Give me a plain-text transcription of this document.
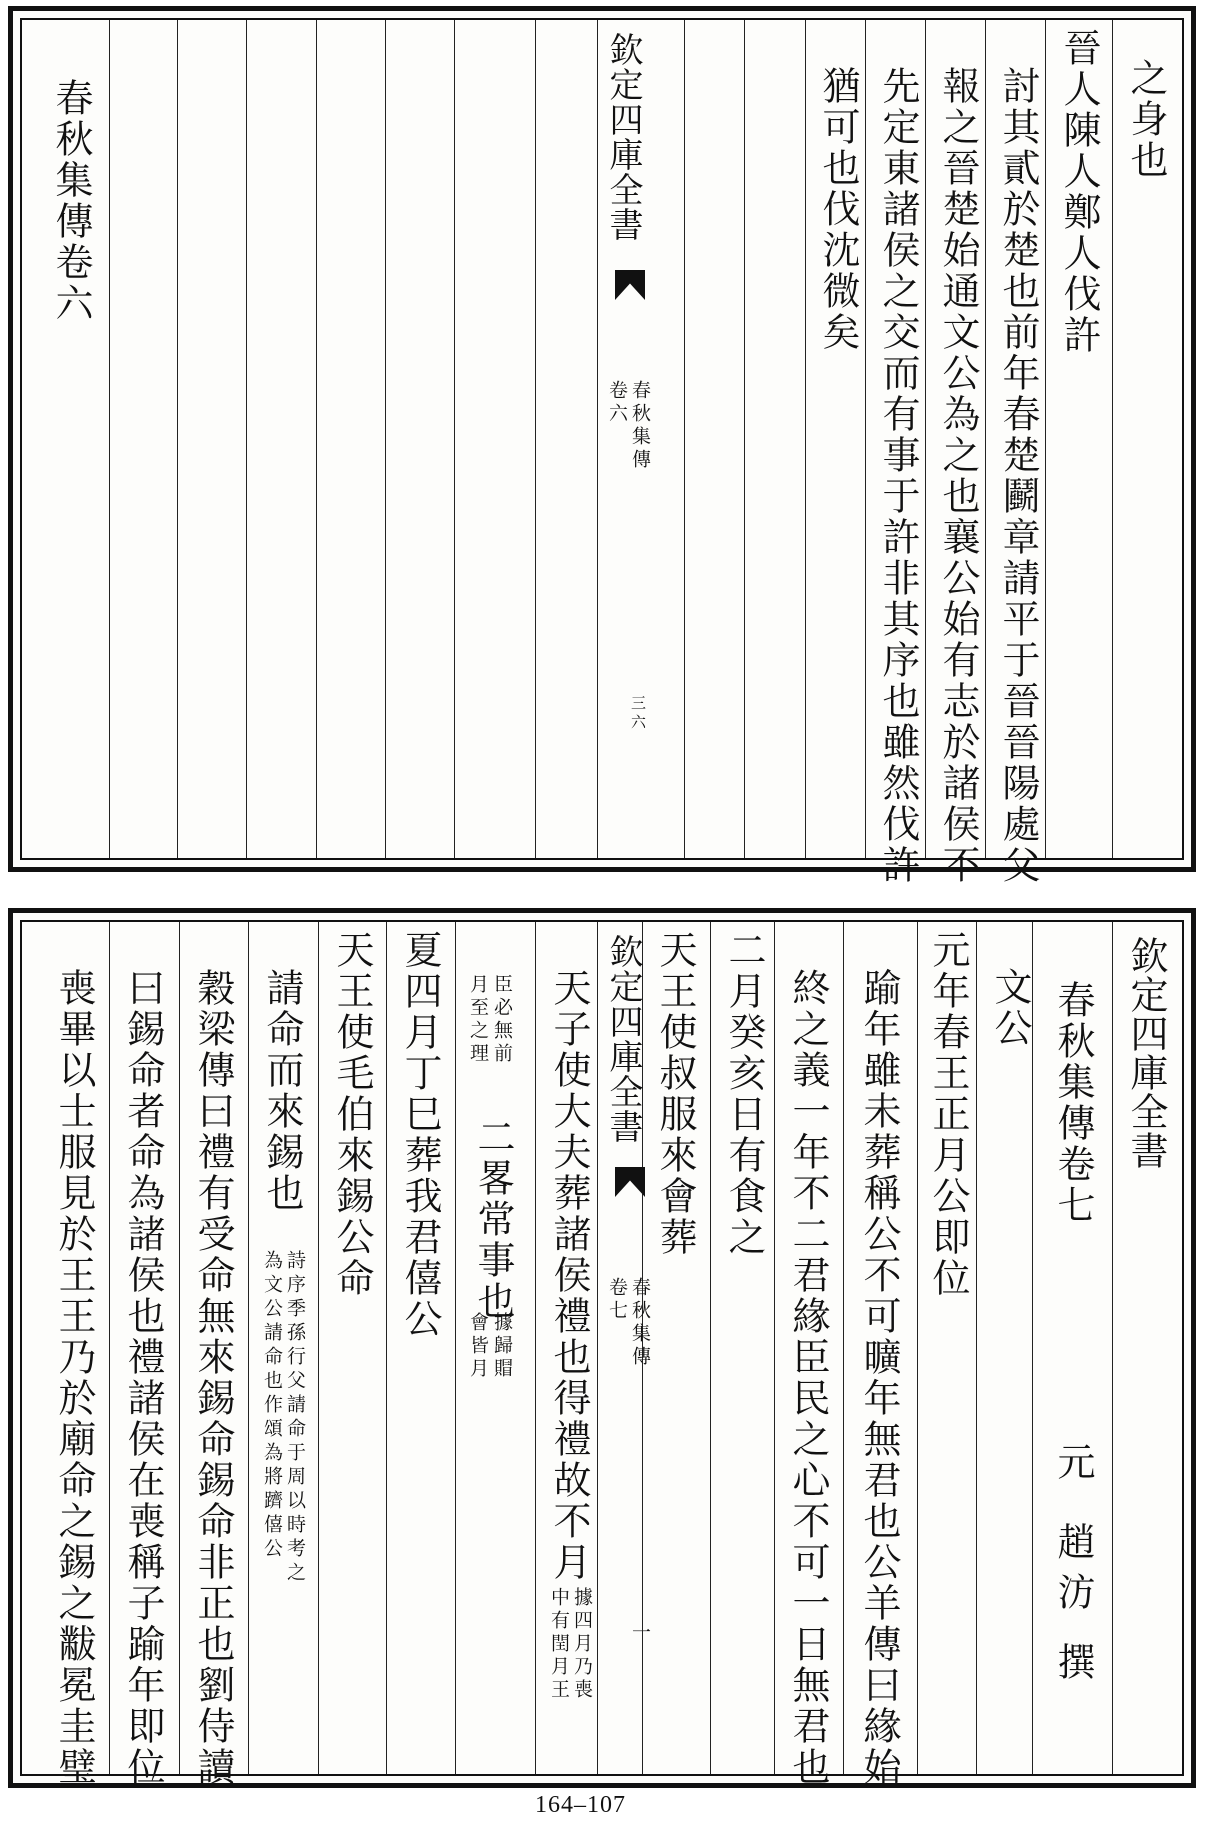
之身也
晉人陳人鄭人伐許
討其貳於楚也前年春楚鬬章請平于晉晉陽處父
報之晉楚始通文公為之也襄公始有志於諸侯不
先定東諸侯之交而有事于許非其序也雖然伐許
猶可也伐沈微矣
欽定四庫全書
春秋集傳
卷六
三六
春秋集傳卷六
欽定四庫全書
春秋集傳卷七
元
趙汸
撰
文公
元年春王正月公即位
踰年雖未葬稱公不可曠年無君也公羊傳曰緣始
終之義一年不二君緣臣民之心不可一日無君也
二月癸亥日有食之
天王使叔服來會葬
欽定四庫全書
春秋集傳
卷七
一
天子使大夫葬諸侯禮也得禮故不月
據四月乃喪
中有閏月王
臣必無前
月至之理
二畧常事也
據歸賵
會皆月
夏四月丁巳葬我君僖公
天王使毛伯來錫公命
請命而來錫也
詩序季孫行父請命于周以時考之
為文公請命也作頌為將躋僖公
穀梁傳曰禮有受命無來錫命錫命非正也劉侍讀
曰錫命者命為諸侯也禮諸侯在喪稱子踰年即位
喪畢以士服見於王王乃於廟命之錫之黻冕圭璧
164–107
